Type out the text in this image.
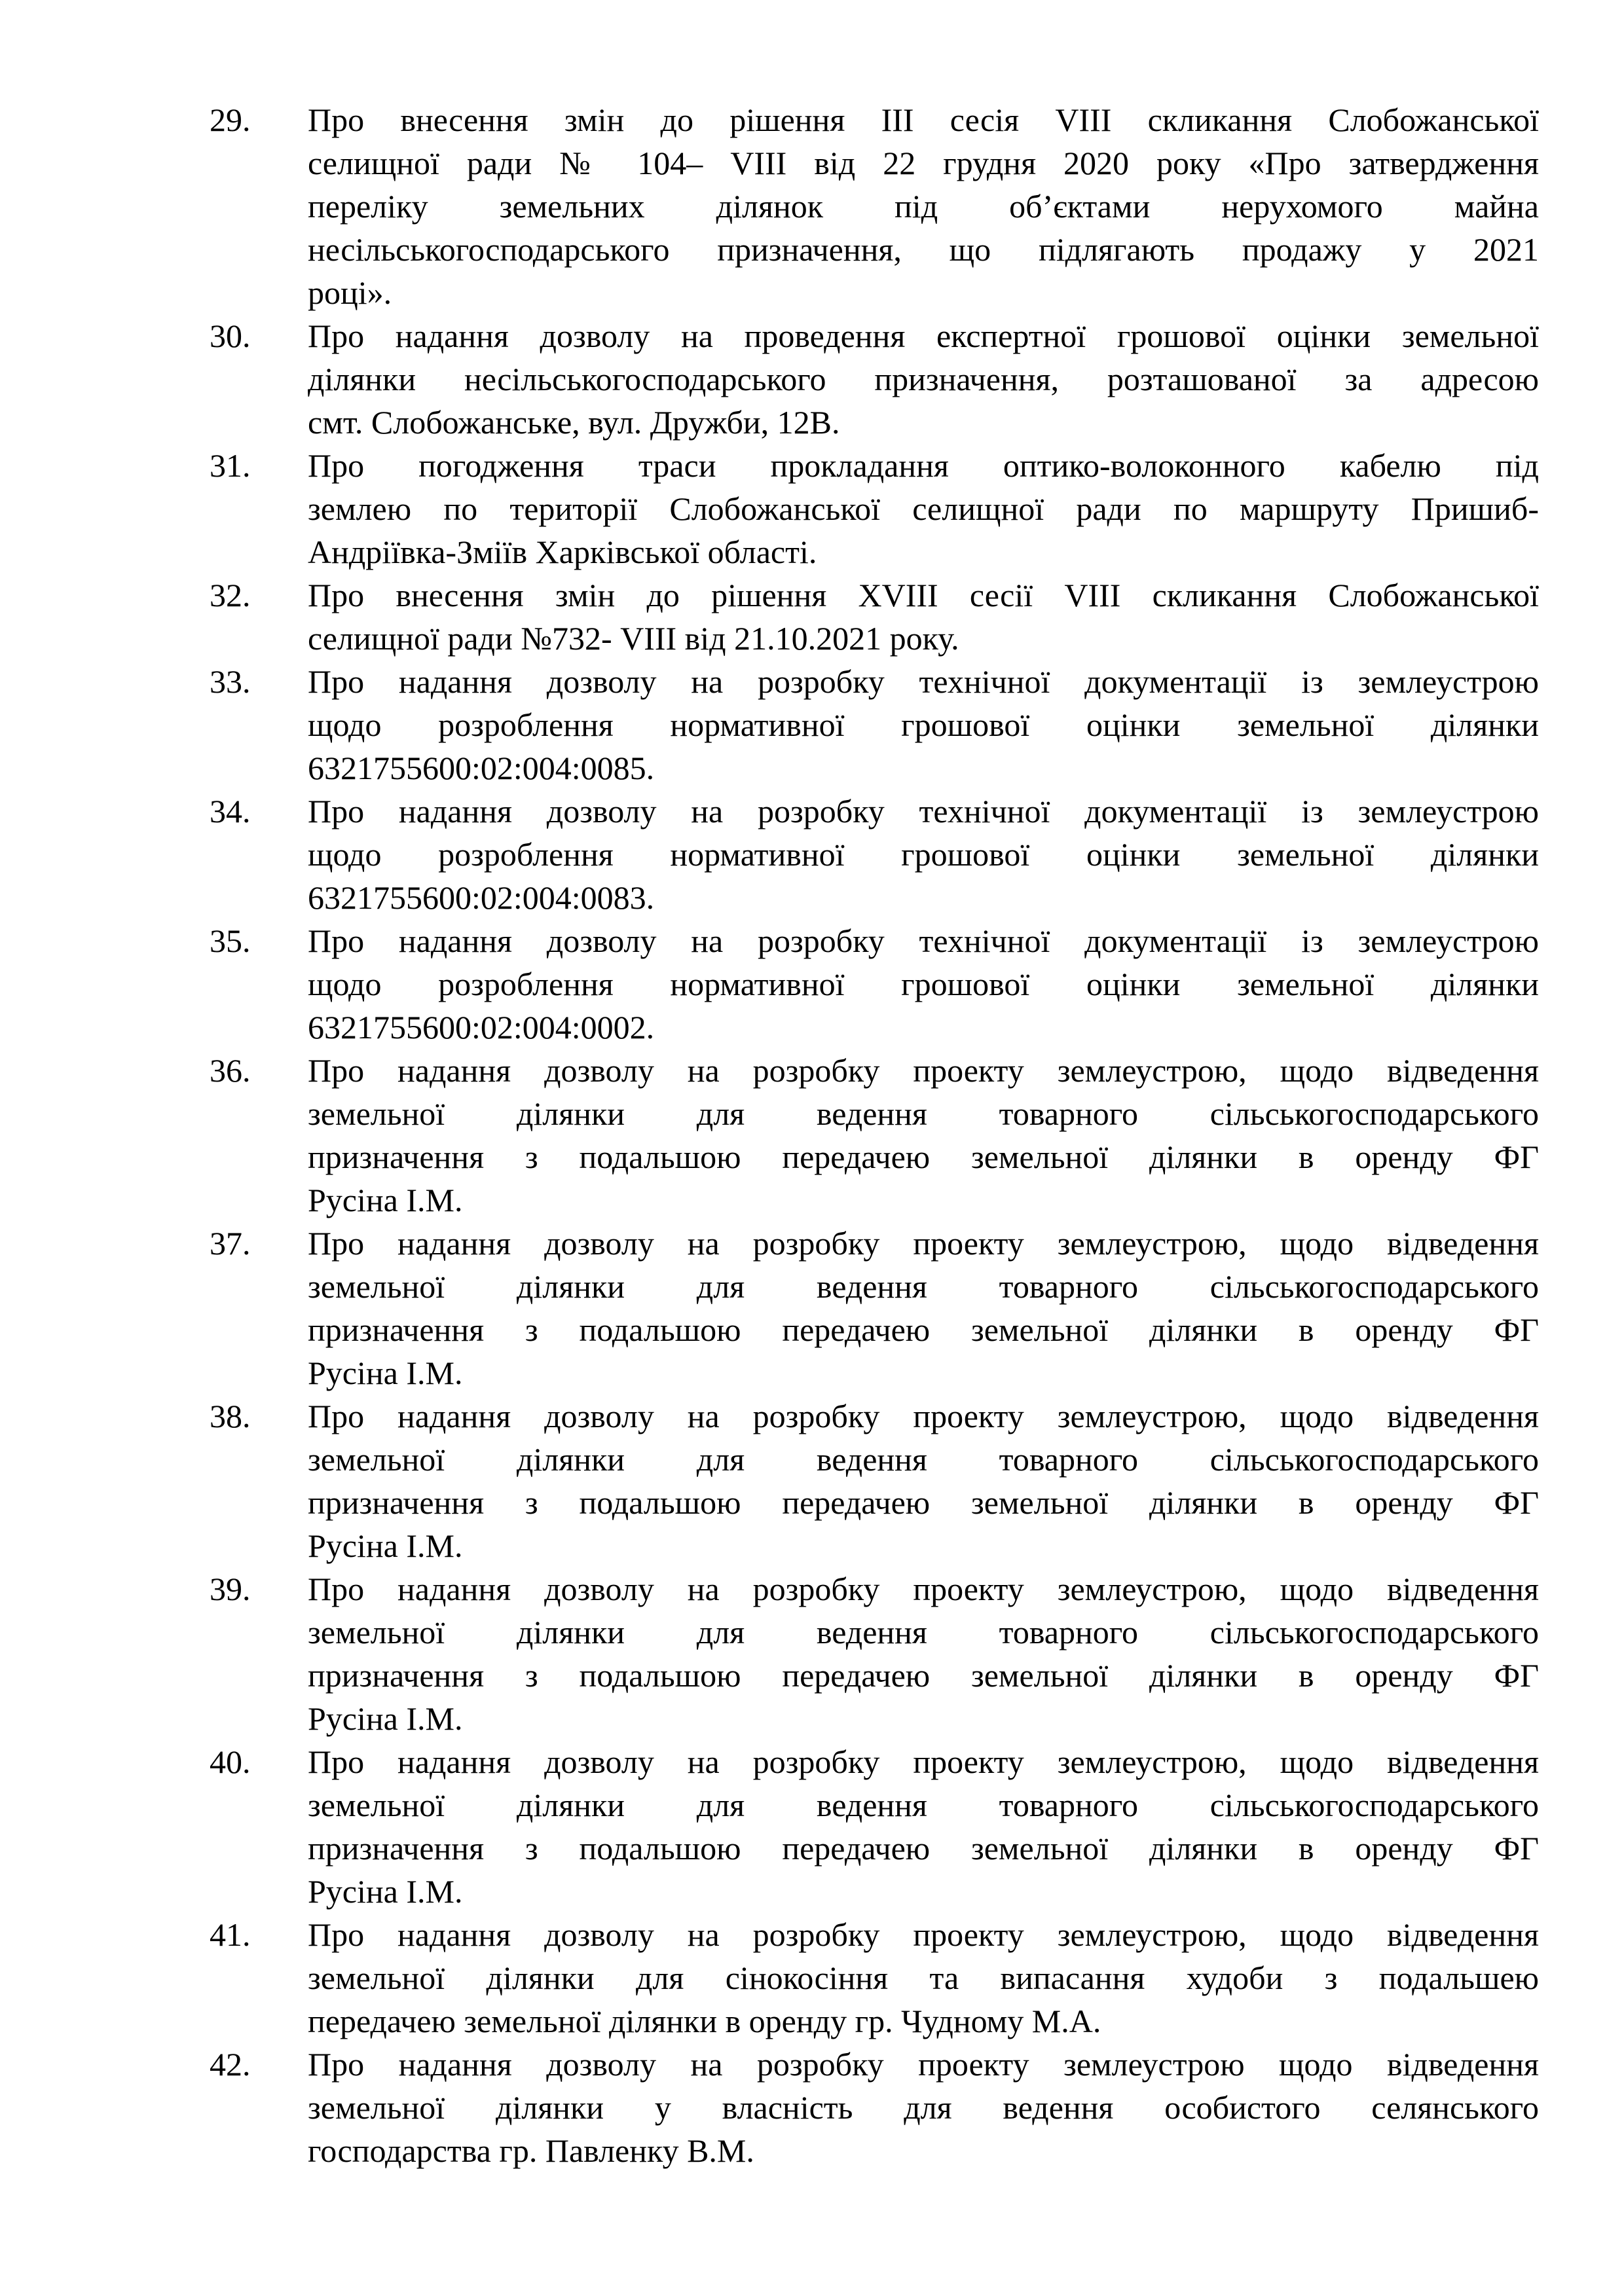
29.	Про внесення змін до рішення ІІІ сесія VIII скликання Слобожанської
селищної ради № 104– VIII від 22 грудня 2020 року «Про затвердження
переліку земельних ділянок під об’єктами нерухомого майна
несільськогосподарського призначення, що підлягають продажу у 2021
році».
30.	Про надання дозволу на проведення експертної грошової оцінки земельної
ділянки несільськогосподарського призначення, розташованої за адресою
смт. Слобожанське, вул. Дружби, 12В.
31.	Про погодження траси прокладання оптико-волоконного кабелю під
землею по території Слобожанської селищної ради по маршруту Пришиб-
Андріївка-Зміїв Харківської області.
32.	Про внесення змін до рішення XVIII сесії VIII скликання Слобожанської
селищної ради №732- VIII від 21.10.2021 року.
33.	Про надання дозволу на розробку технічної документації із землеустрою
щодо розроблення нормативної грошової оцінки земельної ділянки
6321755600:02:004:0085.
34.	Про надання дозволу на розробку технічної документації із землеустрою
щодо розроблення нормативної грошової оцінки земельної ділянки
6321755600:02:004:0083.
35.	Про надання дозволу на розробку технічної документації із землеустрою
щодо розроблення нормативної грошової оцінки земельної ділянки
6321755600:02:004:0002.
36.	Про надання дозволу на розробку проекту землеустрою, щодо відведення
земельної ділянки для ведення товарного сільськогосподарського
призначення з подальшою передачею земельної ділянки в оренду ФГ
Русіна І.М.
37.	Про надання дозволу на розробку проекту землеустрою, щодо відведення
земельної ділянки для ведення товарного сільськогосподарського
призначення з подальшою передачею земельної ділянки в оренду ФГ
Русіна І.М.
38.	Про надання дозволу на розробку проекту землеустрою, щодо відведення
земельної ділянки для ведення товарного сільськогосподарського
призначення з подальшою передачею земельної ділянки в оренду ФГ
Русіна І.М.
39.	Про надання дозволу на розробку проекту землеустрою, щодо відведення
земельної ділянки для ведення товарного сільськогосподарського
призначення з подальшою передачею земельної ділянки в оренду ФГ
Русіна І.М.
40.	Про надання дозволу на розробку проекту землеустрою, щодо відведення
земельної ділянки для ведення товарного сільськогосподарського
призначення з подальшою передачею земельної ділянки в оренду ФГ
Русіна І.М.
41.	Про надання дозволу на розробку проекту землеустрою, щодо відведення
земельної ділянки для сінокосіння та випасання худоби з подальшею
передачею земельної ділянки в оренду гр. Чудному М.А.
42.	Про надання дозволу на розробку проекту землеустрою щодо відведення
земельної ділянки у власність для ведення особистого селянського
господарства гр. Павленку В.М.
